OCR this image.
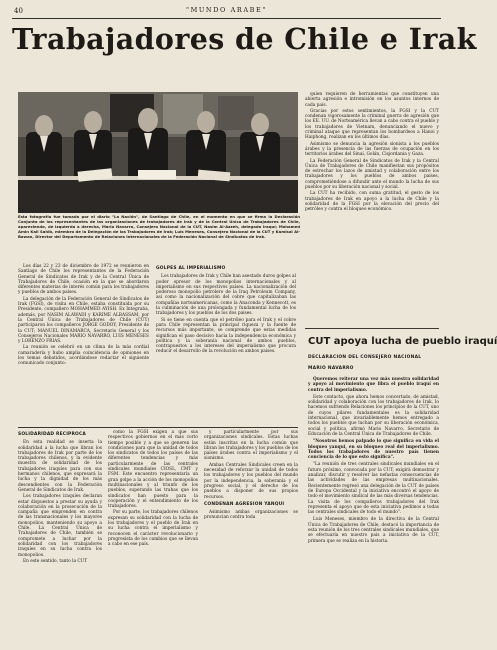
40	"MUNDO ARABE"
Trabajadores de Chile e Irak
Esta fotografía fue tomada por el diario "La Nación", de Santiago de Chile, en el momento en que se firma la Declaración Conjunta de los representantes de las organizaciones de trabajadores de Irak y de la Central Única de Trabajadores de Chile, apareciendo, de izquierda a derecha, Mario Navarro, Consejero Nacional de la CUT, Nasim Al-Azzeh, delegado iraquí; Mohamed Amin Kali Sahib, miembro de la Delegación de los Trabajadores de Irak; Luis Meneses, Consejero Nacional de la CUT y Kamisal Al-Bawan, Director del Departamento de Relaciones Internacionales de la Federación Nacional de Sindicatos de Irak.

Los días 22 y 23 de diciembre de 1972 se reunieron en Santiago de Chile los representantes de la Federación General de Sindicatos de Irak y de la Central Única de Trabajadores de Chile, ocasión en la que se abordaron diferentes materias de interés común para los trabajadores y pueblos de ambos países.

La delegación de la Federación General de Sindicatos de Irak (FGSI), de visita en Chile, estaba constituida por su Presidente, compañero MOHAMMED AYISH. Ex Integraba, además, por NASIM ALAWADI y KARIME ALBASSAM, por la Central Única de Trabajadores de Chile (CUT) participaron los compañeros JORGE GODOY, Presidente de la CUT; MANUEL DINAMARCA, Secretario General y los Consejeros Nacionales MARIO NAVARRO, LUIS MENESES y LORENZO FRIAS.

La reunión se celebró en un clima de la más cordial camaradería y hubo amplia coincidencia de opiniones en los temas debatidos, acordándose redactar el siguiente comunicado conjunto:

GOLPES AL IMPERIALISMO

Los trabajadores de Irak y Chile han asestado duros golpes al poder opresor de los monopolios internacionales y al imperialismo en sus respectivos países. La nacionalización del poderoso monopolio petrolero de la Iraq Petroleum Company, así como la nacionalización del cobre que capitalizaban las compañías norteamericanas, como la Anaconda y Kennecott, es la culminación de una prolongada y fundamental lucha de los trabajadores y los pueblos de los dos países.

Si se tiene en cuenta que el petróleo para el Irak y el cobre para Chile representan la principal riqueza y la fuente de recursos más importante, se comprende que estas medidas significan el paso decisivo hacia la independencia económica y política y la soberanía nacional de ambos pueblos, contrapuestos a los intereses del imperialismo que procura reducir el desarrollo de la revolución en ambos países.

quien requieren de herramientas que constituyen una abierta agresión e intromisión en los asuntos internos de cada país.

Gracias por estos sentimientos, la FGSI y la CUT condenan vigorosamente la criminal guerra de agresión que los EE. UU. de Norteamérica llevan a cabo contra el pueblo y los trabajadores de Vietnam, denunciando el nuevo y criminal ataque que representan los bombardeos a Hanoi y Haiphong, realizan en los últimos días.

Asimismo se denuncia la agresión sionista a los pueblos árabes y la presencia de las fuerzas de ocupación en los territorios árabes del Sinaí, Golán, Cisjordania y Gaza.

La Federación General de Sindicatos de Irak y la Central Única de Trabajadores de Chile manifiestan sus propósitos de estrechar los lazos de amistad y colaboración entre los trabajadores y los pueblos de ambos países, comprometiéndose a difundir ante el mundo la lucha de sus pueblos por su liberación nacional y social.

La CUT ha recibido, con suma gratitud, el gesto de los trabajadores de Irak en apoyo a la lucha de Chile y la solidaridad de la FGSI por la elevación del precio del petróleo y contra el bloqueo económico.

SOLIDARIDAD RECIPROCA

En esta realidad se inserta la solidaridad a la lucha que libran los trabajadores de Irak por parte de los trabajadores chilenos, y la evidente muestra de solidaridad de los trabajadores iraquíes para con sus hermanos chilenos, que expresará la lucha y la dignidad de los más descendientes con la Federación General de Sindicatos de Irak.

Los trabajadores iraquíes declaran estar dispuestos a prestar su ayuda y colaboración en la prosecución de la campaña que emprenden en contra de las transnacionales y los mayores monopolios, manteniendo su apoyo a Chile. La Central Única de Trabajadores de Chile, también se compromete a luchar por la solidaridad con los trabajadores iraquíes en su lucha contra los monopolios.

En este sentido, tanto la CUT

como la FGSI exigen a que sus respectivos gobiernos en el más corto tiempo posible y a que se generen las condiciones para que la unidad de todos los sindicatos de todos los países de las diferentes tendencias y más particularmente de las centrales sindicales mundiales CIOSL, CMT y FSM. Este encuentro representaría un gran golpe a la acción de los monopolios multinacionales y al triunfo de los pueblos, superando las trabas que los sindicatos han puesto para la cooperación y el entendimiento de los trabajadores.

Por su parte, los trabajadores chilenos expresan su solidaridad con la lucha de los trabajadores y el pueblo de Irak en su lucha contra el imperialismo y reconocen el carácter revolucionario y progresista de los cambios que se llevan a cabo en ese país.

y particularmente por sus organizaciones sindicales. Estas luchas están inscritas en la lucha común que libran los trabajadores y los pueblos de los países árabes contra el imperialismo y el sionismo.

Ambas Centrales Sindicales creen en la necesidad de reforzar la unidad de todos los trabajadores y los pueblos del mundo por la independencia, la soberanía y el progreso social, y el derecho de los pueblos a disponer de sus propios recursos.

CONDENAN AGRESION YANQUI

Asimismo ambas organizaciones se pronuncian contra toda

CUT apoya lucha de pueblo iraquí
DECLARACION DEL CONSEJERO NACIONAL
MARIO NAVARRO

Queremos reiterar una vez más nuestra solidaridad y apoyo al movimiento que libra el pueblo iraquí en contra del imperialismo.

Este contacto, que ahora hemos concertado, de amistad, solidaridad y colaboración con los trabajadores de Irak, lo hacemos sufriendo Relaciones los principios de la CUT, uno de cuyos pilares fundamentales es la solidaridad internacional, que invariablemente hemos entregado a todos los pueblos que luchan por su liberación económica, social y política, afirmó Mario Navarro, Secretario de Educación de la Central Única de Trabajadores de Chile.

"Nosotros hemos palpado lo que significa en vida el bloqueo yanqui, en su bloqueo real del imperialismo. Todos los trabajadores de nuestro país tienen conciencia de lo que esto significa".

"La reunión de tres centrales sindicales mundiales en el futuro próximo, convocada por la CUT, exigirá demostrar y analizar, discutir y resolver las nefastas consecuencias de las actividades de las empresas multinacionales. Recientemente regresó una delegación de la CUT de países de Europa Occidental y la iniciativa encontró el apoyo de todo el movimiento sindical de las más diversas tendencias. La visita de los compañeros trabajadores del Irak representa el apoyo que de esta iniciativa pedimos a todas las centrales sindicales de todo el mundo".

Luis Meneses, miembro de la directiva de la Central Única de Trabajadores de Chile, destacó la importancia de esta reunión de los tres centrales sindicales mundiales, que se efectuaría en nuestro país a iniciativa de la CUT, primera que se realiza en la historia.
